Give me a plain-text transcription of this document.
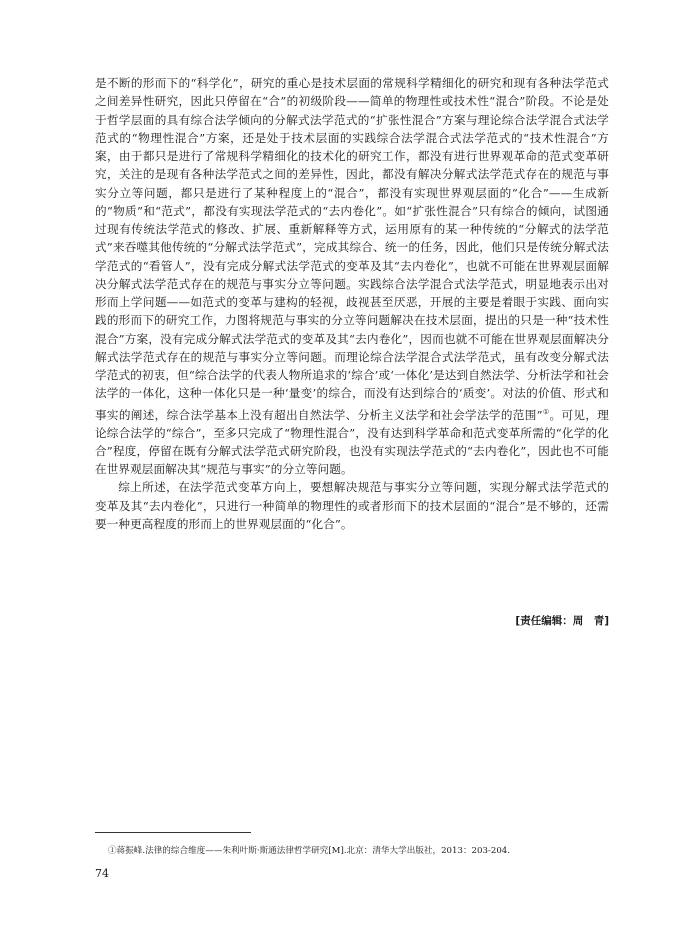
是不断的形而下的“科学化”，研究的重心是技术层面的常规科学精细化的研究和现有各种法学范式之间差异性研究，因此只停留在“合”的初级阶段——简单的物理性或技术性“混合”阶段。不论是处于哲学层面的具有综合法学倾向的分解式法学范式的“扩张性混合”方案与理论综合法学混合式法学范式的“物理性混合”方案，还是处于技术层面的实践综合法学混合式法学范式的“技术性混合”方案，由于都只是进行了常规科学精细化的技术化的研究工作，都没有进行世界观革命的范式变革研究，关注的是现有各种法学范式之间的差异性，因此，都没有解决分解式法学范式存在的规范与事实分立等问题，都只是进行了某种程度上的“混合”，都没有实现世界观层面的“化合”——生成新的“物质”和“范式”，都没有实现法学范式的“去内卷化”。如“扩张性混合”只有综合的倾向，试图通过现有传统法学范式的修改、扩展、重新解释等方式，运用原有的某一种传统的“分解式的法学范式”来吞噬其他传统的“分解式法学范式”，完成其综合、统一的任务，因此，他们只是传统分解式法学范式的“看管人”，没有完成分解式法学范式的变革及其“去内卷化”，也就不可能在世界观层面解决分解式法学范式存在的规范与事实分立等问题。实践综合法学混合式法学范式，明显地表示出对形而上学问题——如范式的变革与建构的轻视，歧视甚至厌恶，开展的主要是着眼于实践、面向实践的形而下的研究工作，力图将规范与事实的分立等问题解决在技术层面，提出的只是一种“技术性混合”方案，没有完成分解式法学范式的变革及其“去内卷化”，因而也就不可能在世界观层面解决分解式法学范式存在的规范与事实分立等问题。而理论综合法学混合式法学范式，虽有改变分解式法学范式的初衷，但“综合法学的代表人物所追求的‘综合’或‘一体化’是达到自然法学、分析法学和社会法学的一体化，这种一体化只是一种‘量变’的综合，而没有达到综合的‘质变’。对法的价值、形式和事实的阐述，综合法学基本上没有超出自然法学、分析主义法学和社会学法学的范围”①。可见，理论综合法学的“综合”，至多只完成了“物理性混合”，没有达到科学革命和范式变革所需的“化学的化合”程度，停留在既有分解式法学范式研究阶段，也没有实现法学范式的“去内卷化”，因此也不可能在世界观层面解决其“规范与事实”的分立等问题。

综上所述，在法学范式变革方向上，要想解决规范与事实分立等问题，实现分解式法学范式的变革及其“去内卷化”，只进行一种简单的物理性的或者形而下的技术层面的“混合”是不够的，还需要一种更高程度的形而上的世界观层面的“化合”。

[责任编辑：周　青]
①蒋振峰.法律的综合维度——朱利叶斯·斯通法律哲学研究[M].北京：清华大学出版社，2013：203-204.
74
